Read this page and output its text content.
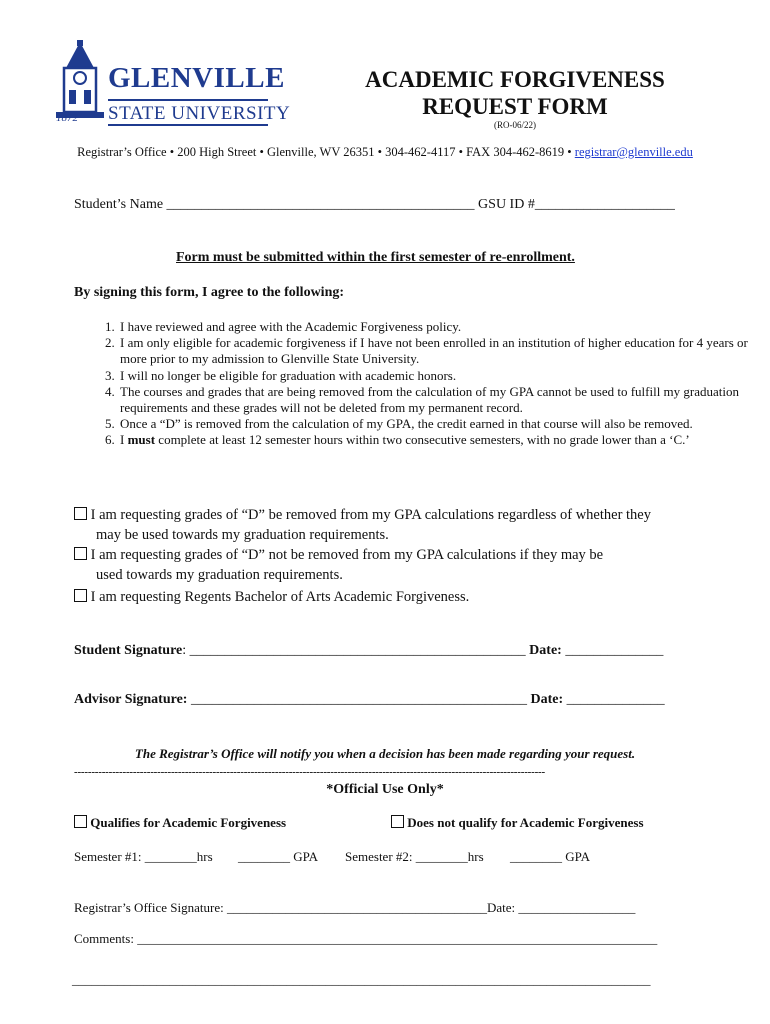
1872
GLENVILLE
STATE UNIVERSITY
ACADEMIC FORGIVENESS
REQUEST FORM
(RO-06/22)
Registrar’s Office • 200 High Street • Glenville, WV 26351 • 304-462-4117 • FAX 304-462-8619 • registrar@glenville.edu
Student’s Name ____________________________________________ GSU ID #____________________
Form must be submitted within the first semester of re-enrollment.
By signing this form, I agree to the following:
1. I have reviewed and agree with the Academic Forgiveness policy.
2. I am only eligible for academic forgiveness if I have not been enrolled in an institution of higher education for 4 years or more prior to my admission to Glenville State University.
3. I will no longer be eligible for graduation with academic honors.
4. The courses and grades that are being removed from the calculation of my GPA cannot be used to fulfill my graduation requirements and these grades will not be deleted from my permanent record.
5. Once a “D” is removed from the calculation of my GPA, the credit earned in that course will also be removed.
6. I must complete at least 12 semester hours within two consecutive semesters, with no grade lower than a ‘C.’
I am requesting grades of “D” be removed from my GPA calculations regardless of whether they
may be used towards my graduation requirements.
I am requesting grades of “D” not be removed from my GPA calculations if they may be
used towards my graduation requirements.
I am requesting Regents Bachelor of Arts Academic Forgiveness.
Student Signature: ________________________________________________ Date: ______________
Advisor Signature: ________________________________________________ Date: ______________
The Registrar’s Office will notify you when a decision has been made regarding your request.
----------------------------------------------------------------------------------------------------------------------------------------
*Official Use Only*
Qualifies for Academic Forgiveness	Does not qualify for Academic Forgiveness
Semester #1: ________hrs ________ GPA Semester #2: ________hrs ________ GPA
Registrar’s Office Signature: ________________________________________Date: __________________
Comments: ________________________________________________________________________________
_________________________________________________________________________________________
